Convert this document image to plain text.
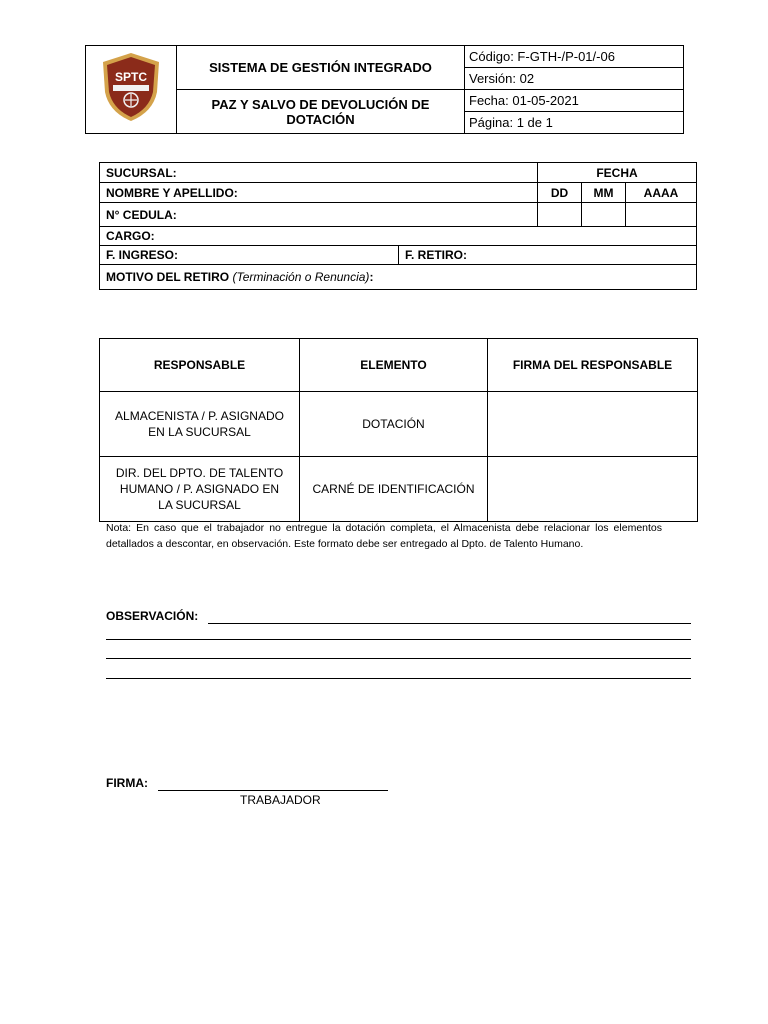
SPTC	SISTEMA DE GESTIÓN INTEGRADO	Código: F-GTH-/P-01/-06
		Versión: 02

	PAZ Y SALVO DE DEVOLUCIÓN DE DOTACIÓN	Fecha: 01-05-2021
		Página: 1 de 1
SUCURSAL:		FECHA		
NOMBRE Y APELLIDO:		DD	MM	AAAA
N° CEDULA:				
CARGO:				
F. INGRESO:	F. RETIRO:			
MOTIVO DEL RETIRO (Terminación o Renuncia):				
RESPONSABLE	ELEMENTO	FIRMA DEL RESPONSABLE

ALMACENISTA / P. ASIGNADO EN LA SUCURSAL	DOTACIÓN	

DIR. DEL DPTO. DE TALENTO HUMANO / P. ASIGNADO EN LA SUCURSAL	CARNÉ DE IDENTIFICACIÓN	
Nota: En caso que el trabajador no entregue la dotación completa, el Almacenista debe relacionar los elementos detallados a descontar, en observación. Este formato debe ser entregado al Dpto. de Talento Humano.
OBSERVACIÓN:
FIRMA:
TRABAJADOR
